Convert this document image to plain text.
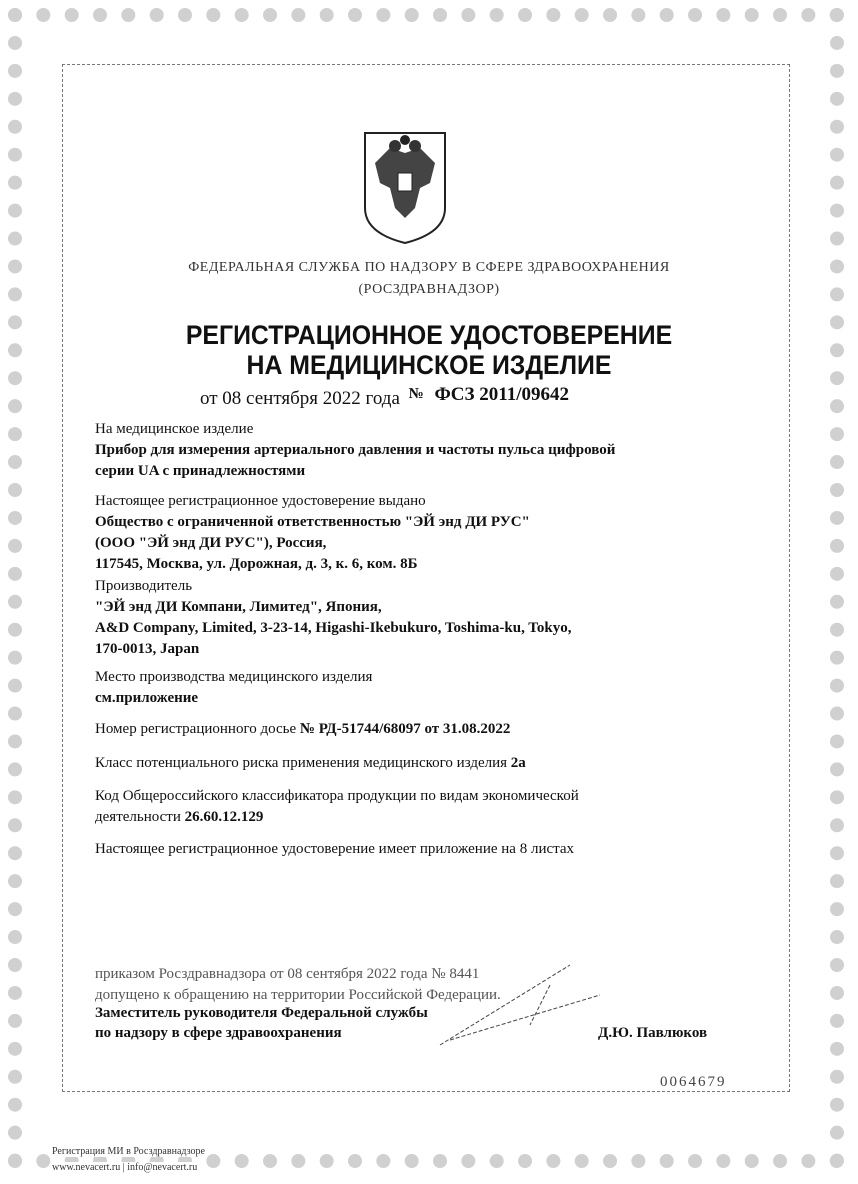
ФЕДЕРАЛЬНАЯ СЛУЖБА ПО НАДЗОРУ В СФЕРЕ ЗДРАВООХРАНЕНИЯ
(РОСЗДРАВНАДЗОР)
РЕГИСТРАЦИОННОЕ УДОСТОВЕРЕНИЕ
НА МЕДИЦИНСКОЕ ИЗДЕЛИЕ
от 08 сентября 2022 года № ФСЗ 2011/09642
На медицинское изделие
Прибор для измерения артериального давления и частоты пульса цифровой
серии UA с принадлежностями
Настоящее регистрационное удостоверение выдано
Общество с ограниченной ответственностью "ЭЙ энд ДИ РУС"
(ООО "ЭЙ энд ДИ РУС"), Россия,
117545, Москва, ул. Дорожная, д. 3, к. 6, ком. 8Б
Производитель
"ЭЙ энд ДИ Компани, Лимитед", Япония,
A&D Company, Limited, 3-23-14, Higashi-Ikebukuro, Toshima-ku, Tokyo,
170-0013, Japan
Место производства медицинского изделия
см.приложение
Номер регистрационного досье № РД-51744/68097 от 31.08.2022
Класс потенциального риска применения медицинского изделия 2а
Код Общероссийского классификатора продукции по видам экономической
деятельности 26.60.12.129
Настоящее регистрационное удостоверение имеет приложение на 8 листах
приказом Росздравнадзора от 08 сентября 2022 года № 8441
допущено к обращению на территории Российской Федерации.
Заместитель руководителя Федеральной службы
по надзору в сфере здравоохранения	Д.Ю. Павлюков
0064679
Регистрация МИ в Росздравнадзоре
www.nevacert.ru | info@nevacert.ru
